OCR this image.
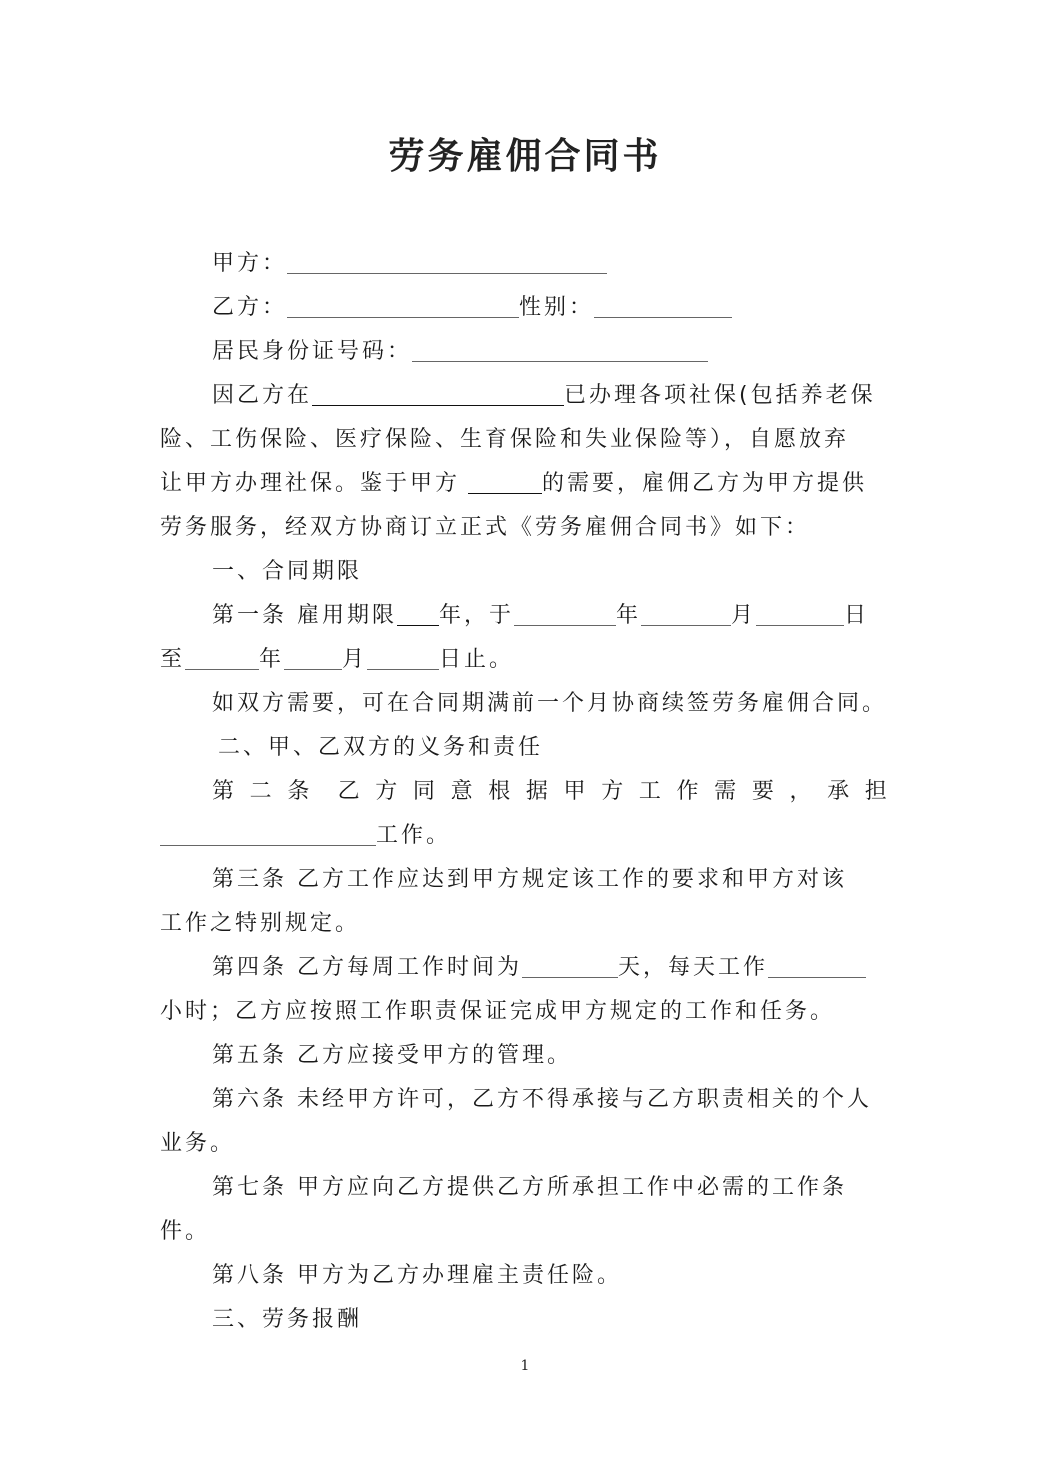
劳务雇佣合同书
甲方：
乙方：	性别：
居民身份证号码：
因乙方在	已办理各项社保(包括养老保
险、工伤保险、医疗保险、生育保险和失业保险等），自愿放弃
让甲方办理社保。鉴于甲方	的需要，雇佣乙方为甲方提供
劳务服务，经双方协商订立正式《劳务雇佣合同书》如下：
一、合同期限
第一条 雇用期限 年，于	年	月	日
至	年	月	日止。
如双方需要，可在合同期满前一个月协商续签劳务雇佣合同。
二、甲、乙双方的义务和责任
第 二 条 乙 方 同 意 根 据 甲 方 工 作 需 要 ， 承 担
工作。
第三条 乙方工作应达到甲方规定该工作的要求和甲方对该
工作之特别规定。
第四条 乙方每周工作时间为	天，每天工作
小时；乙方应按照工作职责保证完成甲方规定的工作和任务。
第五条 乙方应接受甲方的管理。
第六条 未经甲方许可，乙方不得承接与乙方职责相关的个人
业务。
第七条 甲方应向乙方提供乙方所承担工作中必需的工作条
件。
第八条 甲方为乙方办理雇主责任险。
三、劳务报酬
1
